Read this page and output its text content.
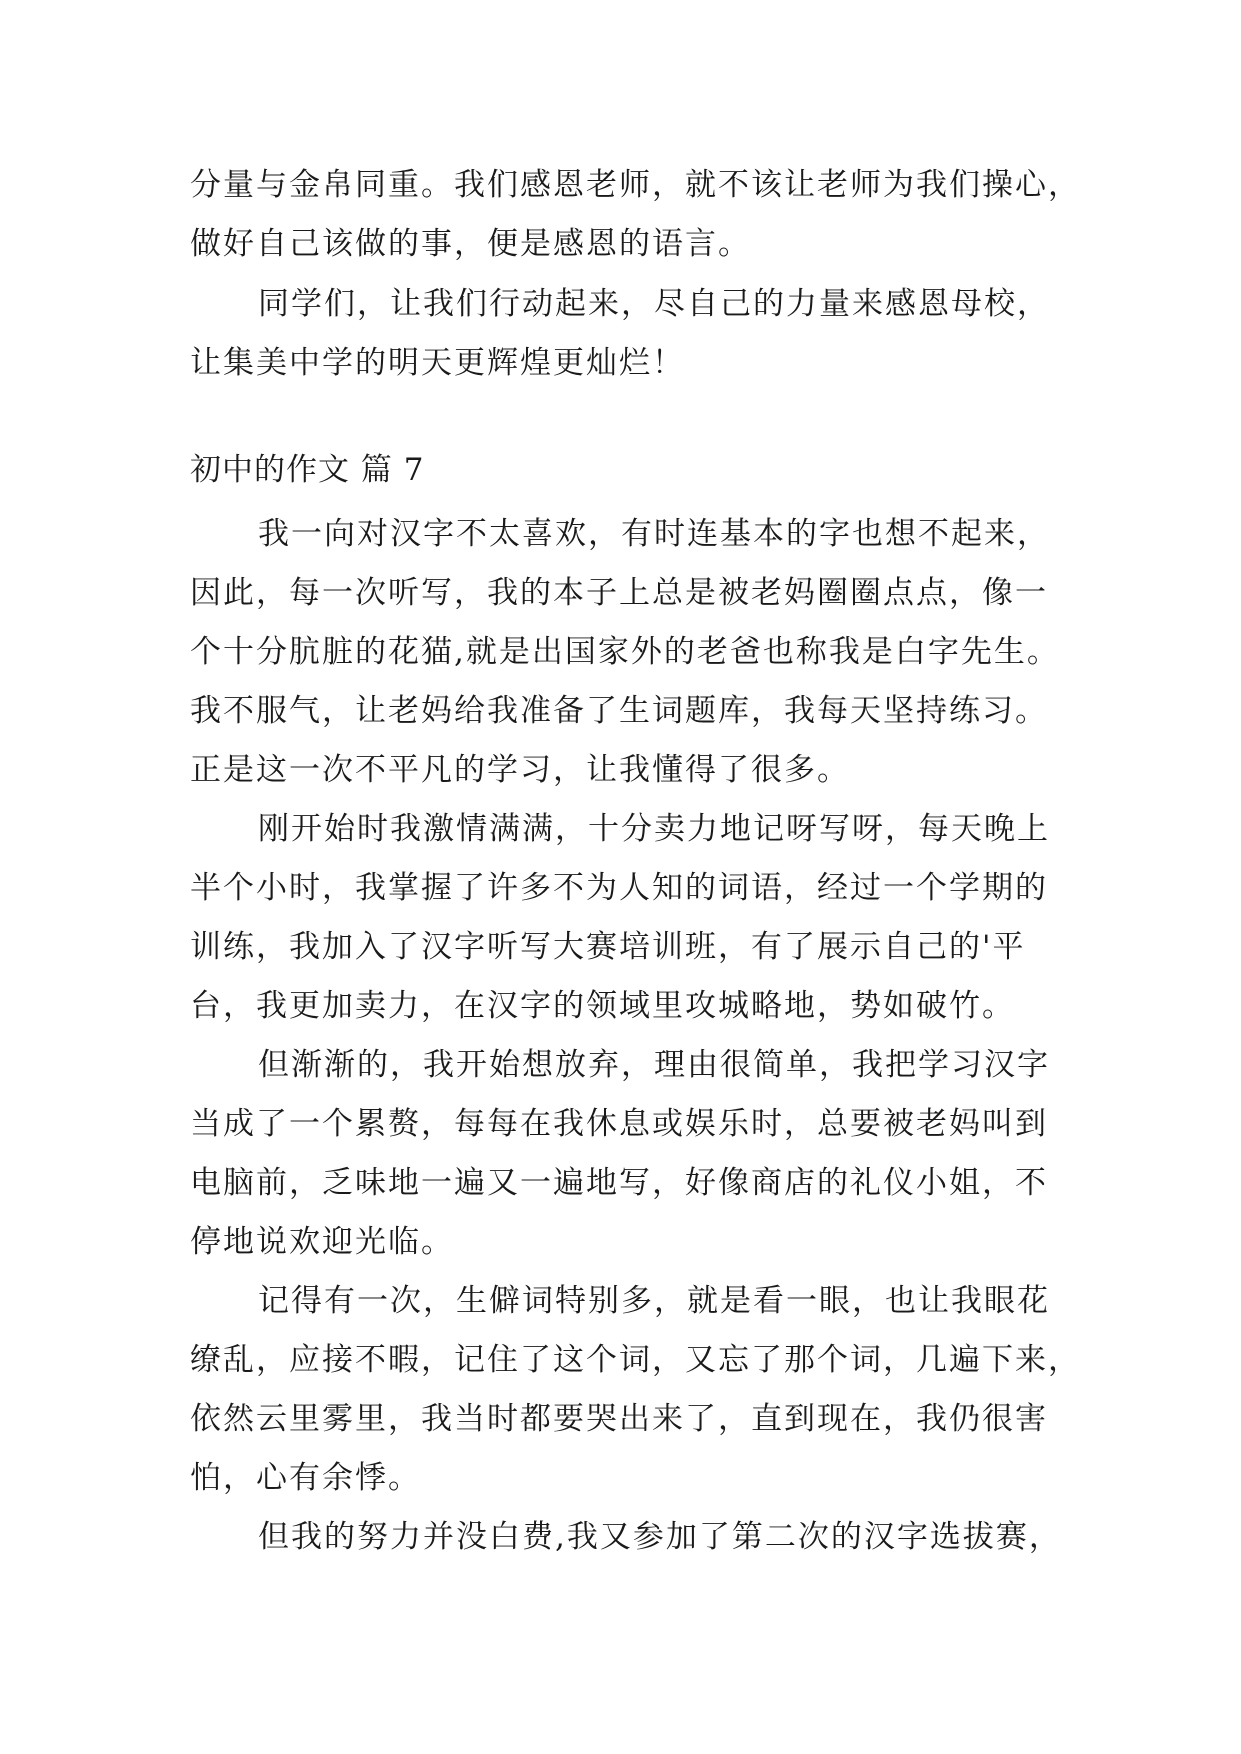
分量与金帛同重。我们感恩老师，就不该让老师为我们操心，
做好自己该做的事，便是感恩的语言。
同学们，让我们行动起来，尽自己的力量来感恩母校，
让集美中学的明天更辉煌更灿烂！
初中的作文 篇 7
我一向对汉字不太喜欢，有时连基本的字也想不起来，
因此，每一次听写，我的本子上总是被老妈圈圈点点，像一
个十分肮脏的花猫,就是出国家外的老爸也称我是白字先生。
我不服气，让老妈给我准备了生词题库，我每天坚持练习。
正是这一次不平凡的学习，让我懂得了很多。
刚开始时我激情满满，十分卖力地记呀写呀，每天晚上
半个小时，我掌握了许多不为人知的词语，经过一个学期的
训练，我加入了汉字听写大赛培训班，有了展示自己的'平
台，我更加卖力，在汉字的领域里攻城略地，势如破竹。
但渐渐的，我开始想放弃，理由很简单，我把学习汉字
当成了一个累赘，每每在我休息或娱乐时，总要被老妈叫到
电脑前，乏味地一遍又一遍地写，好像商店的礼仪小姐，不
停地说欢迎光临。
记得有一次，生僻词特别多，就是看一眼，也让我眼花
缭乱，应接不暇，记住了这个词，又忘了那个词，几遍下来，
依然云里雾里，我当时都要哭出来了，直到现在，我仍很害
怕，心有余悸。
但我的努力并没白费,我又参加了第二次的汉字选拔赛，
